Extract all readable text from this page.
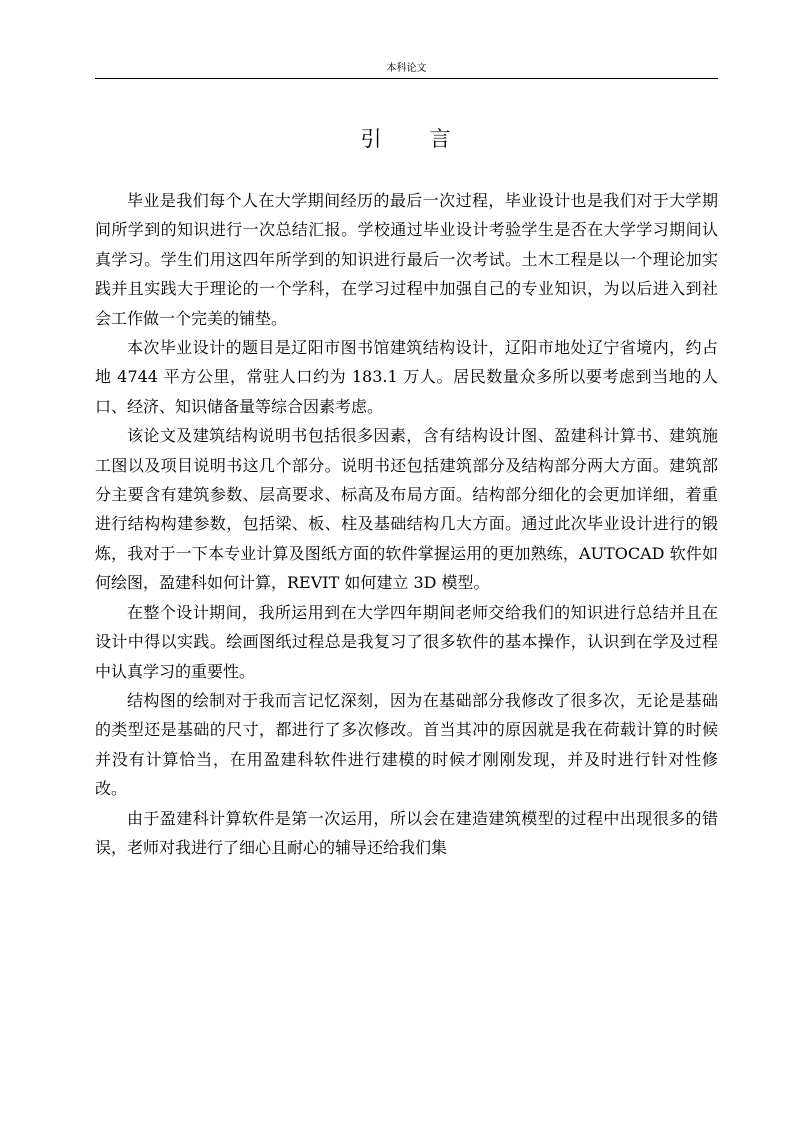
本科论文
引 言

毕业是我们每个人在大学期间经历的最后一次过程，毕业设计也是我们对于大学期间所学到的知识进行一次总结汇报。学校通过毕业设计考验学生是否在大学学习期间认真学习。学生们用这四年所学到的知识进行最后一次考试。土木工程是以一个理论加实践并且实践大于理论的一个学科，在学习过程中加强自己的专业知识，为以后进入到社会工作做一个完美的铺垫。

本次毕业设计的题目是辽阳市图书馆建筑结构设计，辽阳市地处辽宁省境内，约占地 4744 平方公里，常驻人口约为 183.1 万人。居民数量众多所以要考虑到当地的人口、经济、知识储备量等综合因素考虑。

该论文及建筑结构说明书包括很多因素，含有结构设计图、盈建科计算书、建筑施工图以及项目说明书这几个部分。说明书还包括建筑部分及结构部分两大方面。建筑部分主要含有建筑参数、层高要求、标高及布局方面。结构部分细化的会更加详细，着重进行结构构建参数，包括梁、板、柱及基础结构几大方面。通过此次毕业设计进行的锻炼，我对于一下本专业计算及图纸方面的软件掌握运用的更加熟练，AUTOCAD 软件如何绘图，盈建科如何计算，REVIT 如何建立 3D 模型。

在整个设计期间，我所运用到在大学四年期间老师交给我们的知识进行总结并且在设计中得以实践。绘画图纸过程总是我复习了很多软件的基本操作，认识到在学及过程中认真学习的重要性。

结构图的绘制对于我而言记忆深刻，因为在基础部分我修改了很多次，无论是基础的类型还是基础的尺寸，都进行了多次修改。首当其冲的原因就是我在荷载计算的时候并没有计算恰当，在用盈建科软件进行建模的时候才刚刚发现，并及时进行针对性修改。

由于盈建科计算软件是第一次运用，所以会在建造建筑模型的过程中出现很多的错误，老师对我进行了细心且耐心的辅导还给我们集
